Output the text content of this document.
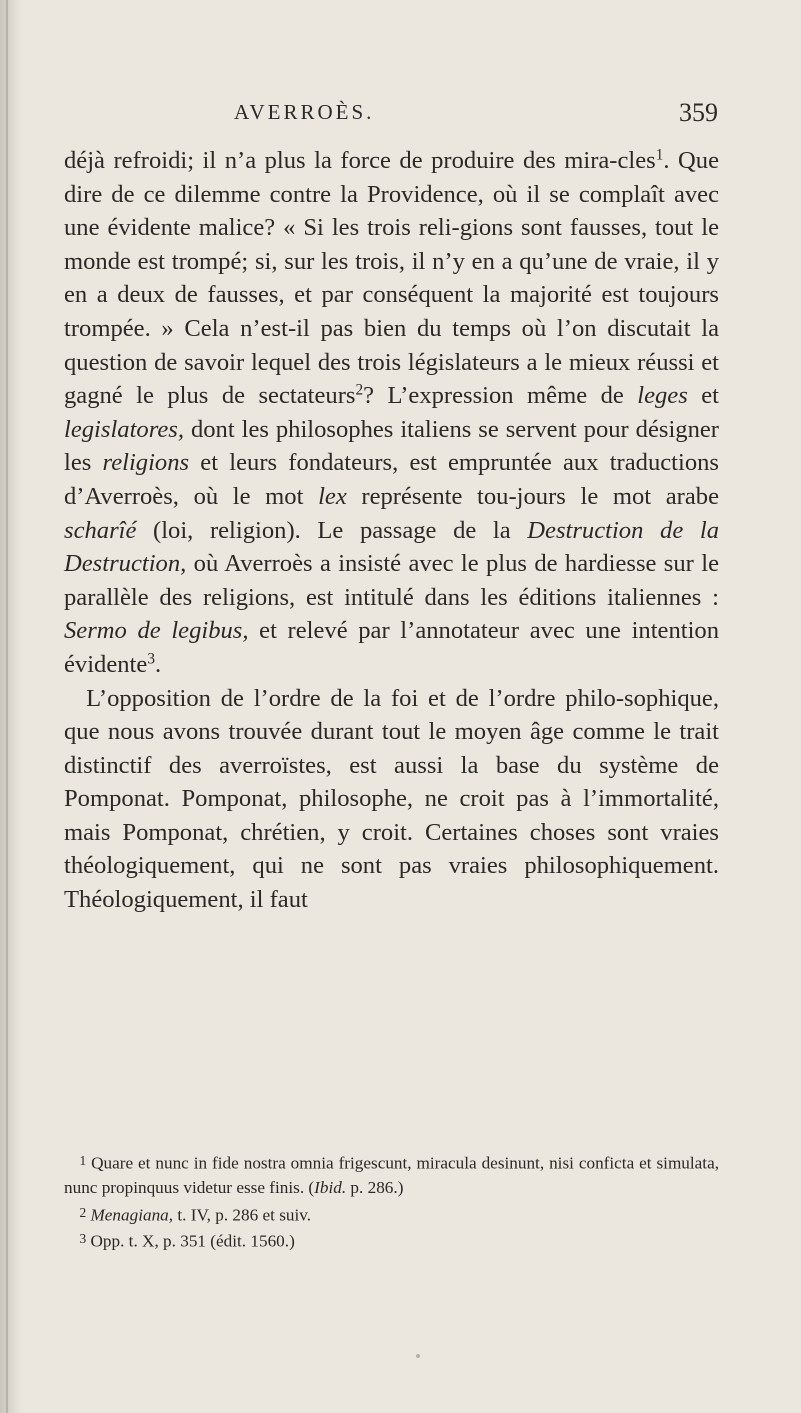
AVERROÈS.	359

déjà refroidi; il n’a plus la force de produire des mira-cles$^1$. Que dire de ce dilemme contre la Providence, où il se complaît avec une évidente malice? « Si les trois reli-gions sont fausses, tout le monde est trompé; si, sur les trois, il n’y en a qu’une de vraie, il y en a deux de fausses, et par conséquent la majorité est toujours trompée. » Cela n’est-il pas bien du temps où l’on discutait la question de savoir lequel des trois législateurs a le mieux réussi et gagné le plus de sectateurs$^2$? L’expression même de leges et legislatores, dont les philosophes italiens se servent pour désigner les religions et leurs fondateurs, est empruntée aux traductions d’Averroès, où le mot lex représente tou-jours le mot arabe scharîé (loi, religion). Le passage de la Destruction de la Destruction, où Averroès a insisté avec le plus de hardiesse sur le parallèle des religions, est intitulé dans les éditions italiennes : Sermo de legibus, et relevé par l’annotateur avec une intention évidente$^3$.

L’opposition de l’ordre de la foi et de l’ordre philo-sophique, que nous avons trouvée durant tout le moyen âge comme le trait distinctif des averroïstes, est aussi la base du système de Pomponat. Pomponat, philosophe, ne croit pas à l’immortalité, mais Pomponat, chrétien, y croit. Certaines choses sont vraies théologiquement, qui ne sont pas vraies philosophiquement. Théologiquement, il faut

1 Quare et nunc in fide nostra omnia frigescunt, miracula desinunt, nisi conficta et simulata, nunc propinquus videtur esse finis. (Ibid. p. 286.)

2 Menagiana, t. IV, p. 286 et suiv.

3 Opp. t. X, p. 351 (édit. 1560.)
